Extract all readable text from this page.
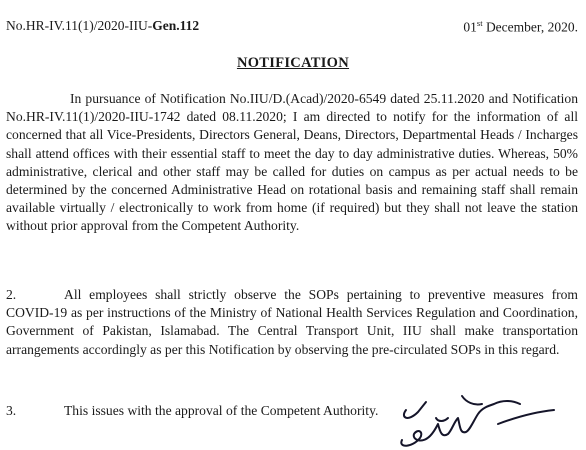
No.HR-IV.11(1)/2020-IIU-Gen.112	01st December, 2020.
NOTIFICATION
In pursuance of Notification No.IIU/D.(Acad)/2020-6549 dated 25.11.2020 and Notification No.HR-IV.11(1)/2020-IIU-1742 dated 08.11.2020; I am directed to notify for the information of all concerned that all Vice-Presidents, Directors General, Deans, Directors, Departmental Heads / Incharges shall attend offices with their essential staff to meet the day to day administrative duties. Whereas, 50% administrative, clerical and other staff may be called for duties on campus as per actual needs to be determined by the concerned Administrative Head on rotational basis and remaining staff shall remain available virtually / electronically to work from home (if required) but they shall not leave the station without prior approval from the Competent Authority.
2.	All employees shall strictly observe the SOPs pertaining to preventive measures from COVID-19 as per instructions of the Ministry of National Health Services Regulation and Coordination, Government of Pakistan, Islamabad. The Central Transport Unit, IIU shall make transportation arrangements accordingly as per this Notification by observing the pre-circulated SOPs in this regard.
3.	This issues with the approval of the Competent Authority.
